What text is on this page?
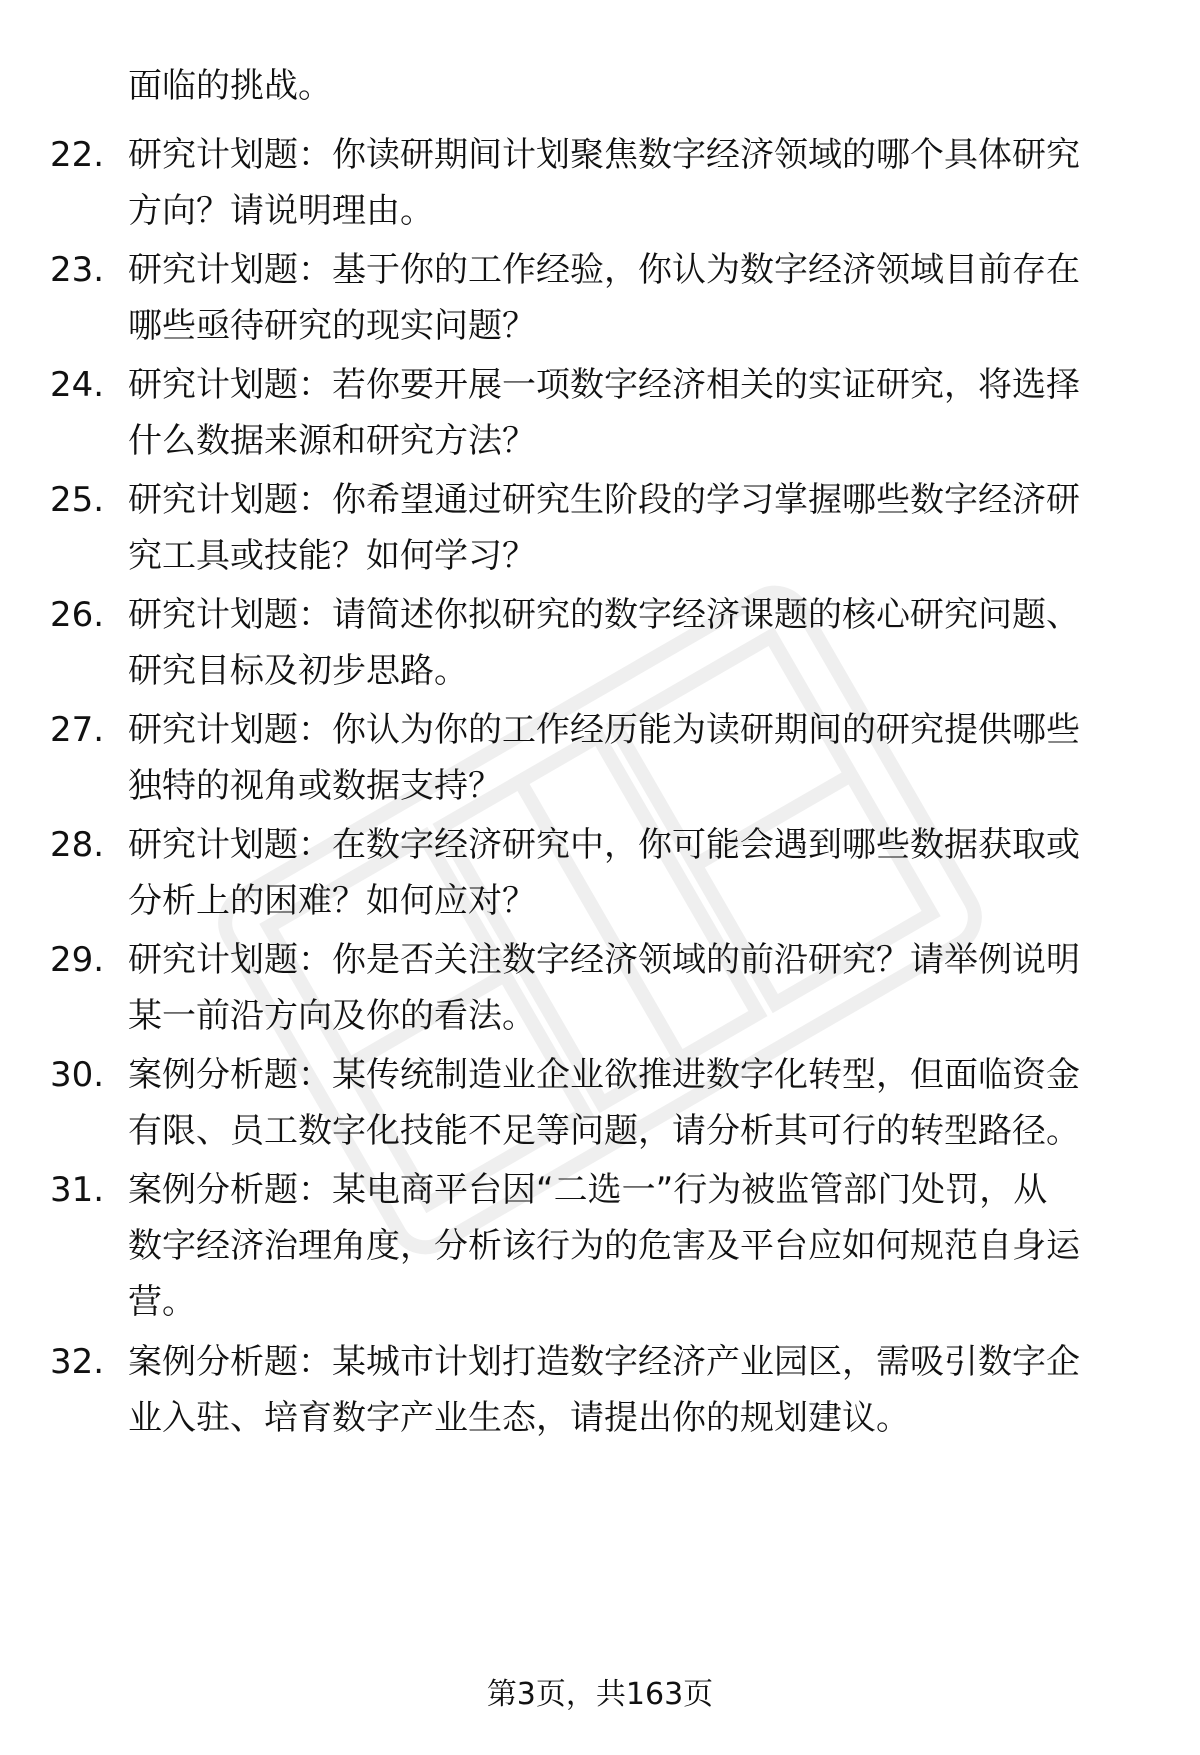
面临的挑战。
22. 研究计划题：你读研期间计划聚焦数字经济领域的哪个具体研究
方向？请说明理由。
23. 研究计划题：基于你的工作经验，你认为数字经济领域目前存在
哪些亟待研究的现实问题？
24. 研究计划题：若你要开展一项数字经济相关的实证研究，将选择
什么数据来源和研究方法？
25. 研究计划题：你希望通过研究生阶段的学习掌握哪些数字经济研
究工具或技能？如何学习？
26. 研究计划题：请简述你拟研究的数字经济课题的核心研究问题、
研究目标及初步思路。
27. 研究计划题：你认为你的工作经历能为读研期间的研究提供哪些
独特的视角或数据支持？
28. 研究计划题：在数字经济研究中，你可能会遇到哪些数据获取或
分析上的困难？如何应对？
29. 研究计划题：你是否关注数字经济领域的前沿研究？请举例说明
某一前沿方向及你的看法。
30. 案例分析题：某传统制造业企业欲推进数字化转型，但面临资金
有限、员工数字化技能不足等问题，请分析其可行的转型路径。
31. 案例分析题：某电商平台因“二选一”行为被监管部门处罚，从
数字经济治理角度，分析该行为的危害及平台应如何规范自身运
营。
32. 案例分析题：某城市计划打造数字经济产业园区，需吸引数字企
业入驻、培育数字产业生态，请提出你的规划建议。
第3页，共163页
